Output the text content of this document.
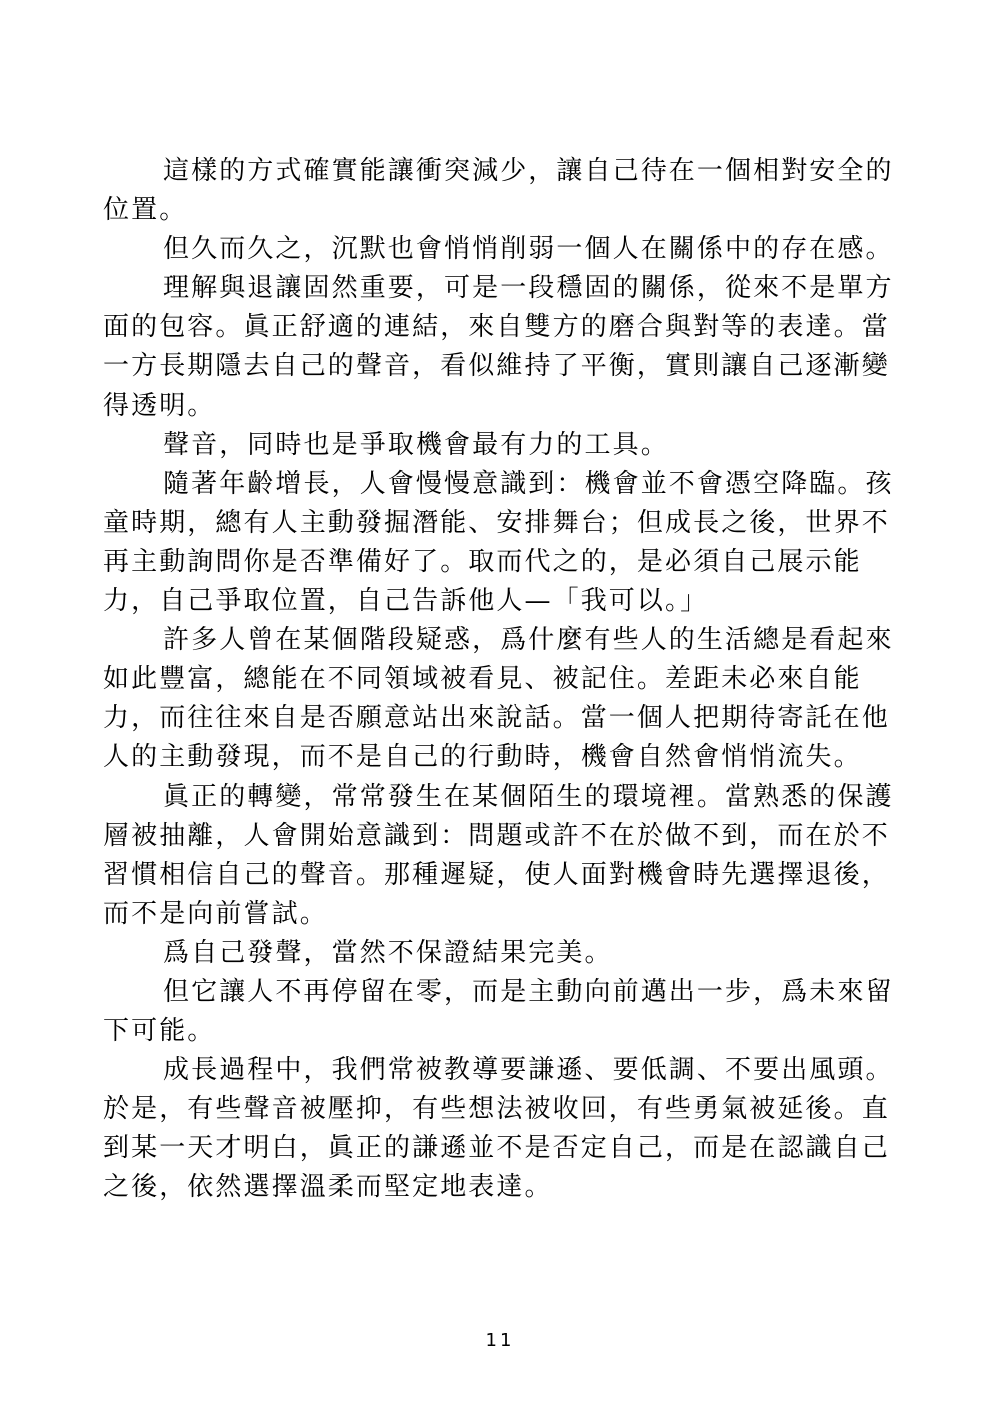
這樣的方式確實能讓衝突減少，讓自己待在一個相對安全的
位置。
但久而久之，沉默也會悄悄削弱一個人在關係中的存在感。
理解與退讓固然重要，可是一段穩固的關係，從來不是單方
面的包容。眞正舒適的連結，來自雙方的磨合與對等的表達。當
一方長期隱去自己的聲音，看似維持了平衡，實則讓自己逐漸變
得透明。
聲音，同時也是爭取機會最有力的工具。
隨著年齡增長，人會慢慢意識到：機會並不會憑空降臨。孩
童時期，總有人主動發掘潛能、安排舞台；但成長之後，世界不
再主動詢問你是否準備好了。取而代之的，是必須自己展示能
力，自己爭取位置，自己告訴他人—「我可以。」
許多人曾在某個階段疑惑，爲什麼有些人的生活總是看起來
如此豐富，總能在不同領域被看見、被記住。差距未必來自能
力，而往往來自是否願意站出來說話。當一個人把期待寄託在他
人的主動發現，而不是自己的行動時，機會自然會悄悄流失。
眞正的轉變，常常發生在某個陌生的環境裡。當熟悉的保護
層被抽離，人會開始意識到：問題或許不在於做不到，而在於不
習慣相信自己的聲音。那種遲疑，使人面對機會時先選擇退後，
而不是向前嘗試。
爲自己發聲，當然不保證結果完美。
但它讓人不再停留在零，而是主動向前邁出一步，爲未來留
下可能。
成長過程中，我們常被教導要謙遜、要低調、不要出風頭。
於是，有些聲音被壓抑，有些想法被收回，有些勇氣被延後。直
到某一天才明白，眞正的謙遜並不是否定自己，而是在認識自己
之後，依然選擇溫柔而堅定地表達。
11
